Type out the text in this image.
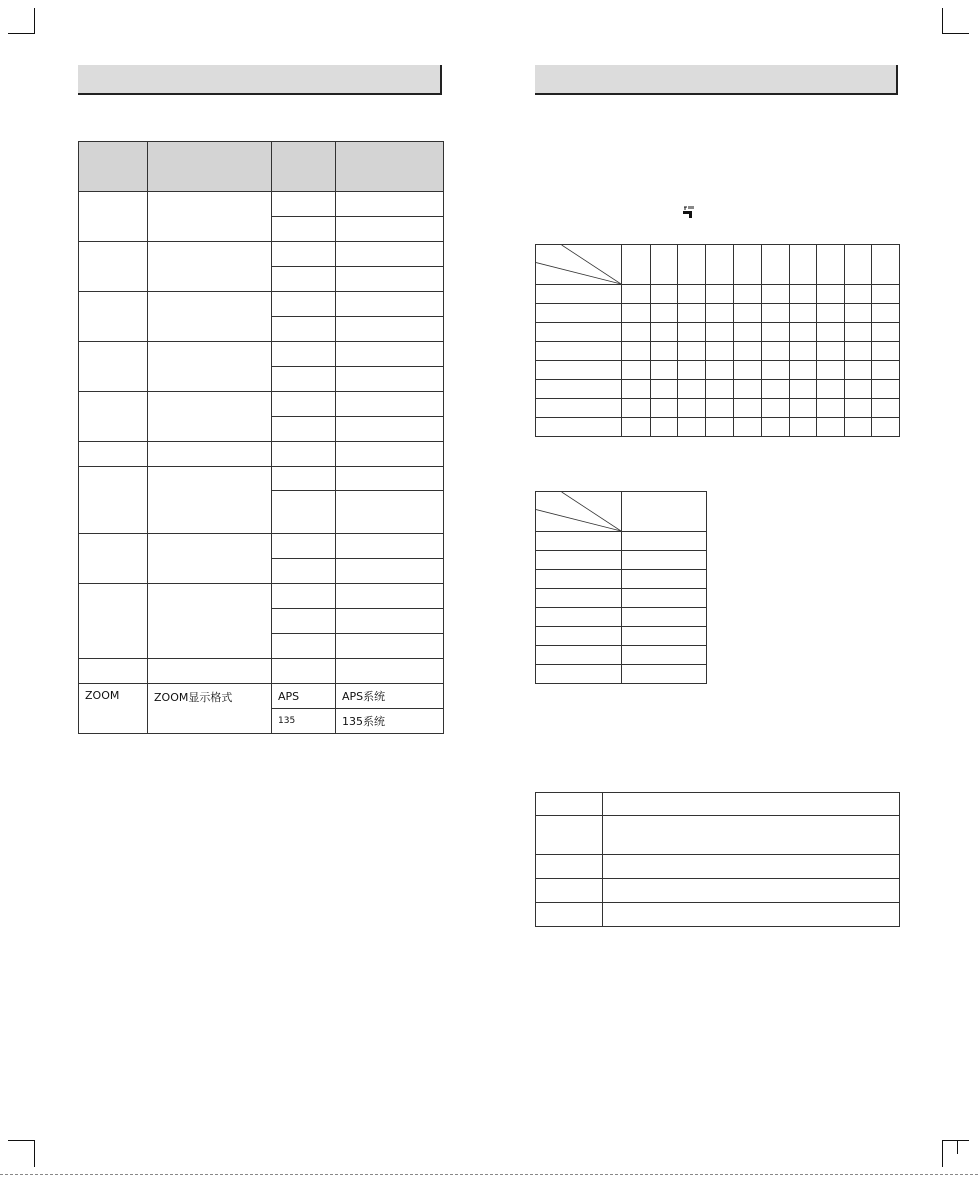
ZOOM	ZOOM显示格式	APS	APS系统
		135	135系统
